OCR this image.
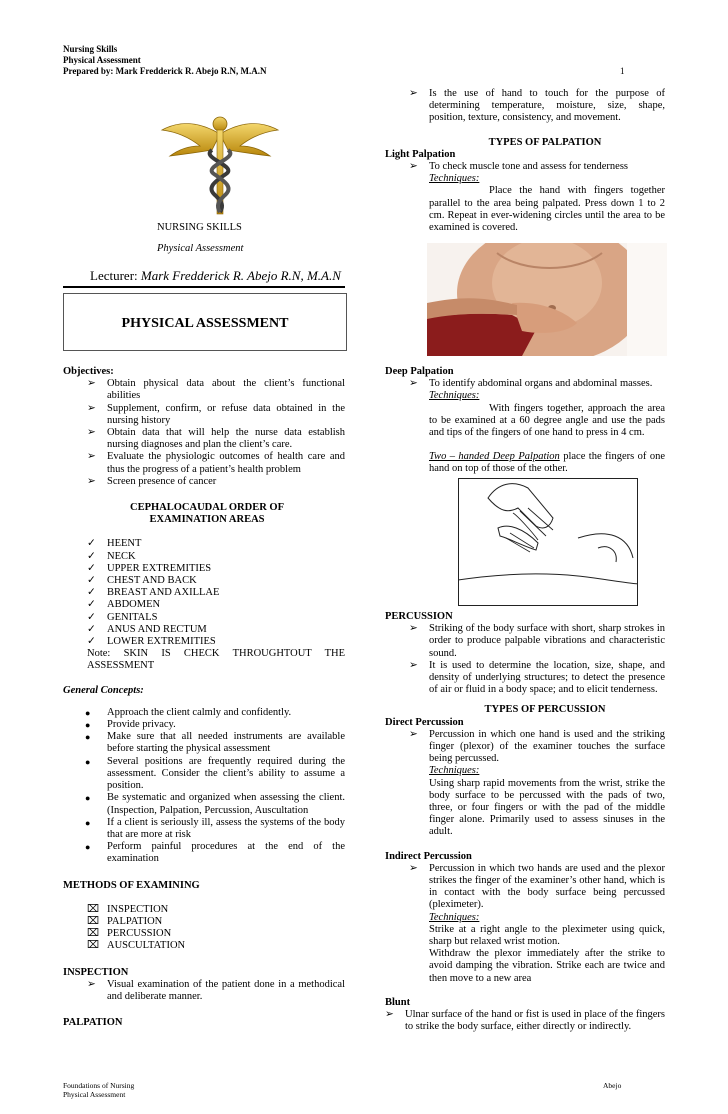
Nursing Skills
Physical Assessment
Prepared by: Mark Fredderick R. Abejo R.N, M.A.N	1
NURSING SKILLS
Physical Assessment
Lecturer: Mark Fredderick R. Abejo R.N, M.A.N
PHYSICAL ASSESSMENT
Objectives:
➢ Obtain physical data about the client’s functional abilities
➢ Supplement, confirm, or refuse data obtained in the nursing history
➢ Obtain data that will help the nurse data establish nursing diagnoses and plan the client’s care.
➢ Evaluate the physiologic outcomes of health care and thus the progress of a patient’s health problem
➢ Screen presence of cancer
CEPHALOCAUDAL ORDER OF EXAMINATION AREAS
✓ HEENT
✓ NECK
✓ UPPER EXTREMITIES
✓ CHEST AND BACK
✓ BREAST AND AXILLAE
✓ ABDOMEN
✓ GENITALS
✓ ANUS AND RECTUM
✓ LOWER EXTREMITIES
Note: SKIN IS CHECK THROUGHTOUT THE ASSESSMENT
General Concepts:
● Approach the client calmly and confidently.
● Provide privacy.
● Make sure that all needed instruments are available before starting the physical assessment
● Several positions are frequently required during the assessment. Consider the client’s ability to assume a position.
● Be systematic and organized when assessing the client. (Inspection, Palpation, Percussion, Auscultation
● If a client is seriously ill, assess the systems of the body that are more at risk
● Perform painful procedures at the end of the examination
METHODS OF EXAMINING
⌧ INSPECTION
⌧ PALPATION
⌧ PERCUSSION
⌧ AUSCULTATION
INSPECTION
➢ Visual examination of the patient done in a methodical and deliberate manner.
PALPATION
➢ Is the use of hand to touch for the purpose of determining temperature, moisture, size, shape, position, texture, consistency, and movement.
TYPES OF PALPATION
Light Palpation
➢ To check muscle tone and assess for tenderness
Techniques:
Place the hand with fingers together parallel to the area being palpated. Press down 1 to 2 cm. Repeat in ever-widening circles until the area to be examined is covered.
Deep Palpation
➢ To identify abdominal organs and abdominal masses.
Techniques:
With fingers together, approach the area to be examined at a 60 degree angle and use the pads and tips of the fingers of one hand to press in 4 cm.
Two – handed Deep Palpation place the fingers of one hand on top of those of the other.
PERCUSSION
➢ Striking of the body surface with short, sharp strokes in order to produce palpable vibrations and characteristic sound.
➢ It is used to determine the location, size, shape, and density of underlying structures; to detect the presence of air or fluid in a body space; and to elicit tenderness.
TYPES OF PERCUSSION
Direct Percussion
➢ Percussion in which one hand is used and the striking finger (plexor) of the examiner touches the surface being percussed.
Techniques:
Using sharp rapid movements from the wrist, strike the body surface to be percussed with the pads of two, three, or four fingers or with the pad of the middle finger alone. Primarily used to assess sinuses in the adult.
Indirect Percussion
➢ Percussion in which two hands are used and the plexor strikes the finger of the examiner’s other hand, which is in contact with the body surface being percussed (pleximeter).
Techniques:
Strike at a right angle to the pleximeter using quick, sharp but relaxed wrist motion.
Withdraw the plexor immediately after the strike to avoid damping the vibration. Strike each are twice and then move to a new area
Blunt
➢ Ulnar surface of the hand or fist is used in place of the fingers to strike the body surface, either directly or indirectly.
Foundations of Nursing
Physical Assessment
Abejo
